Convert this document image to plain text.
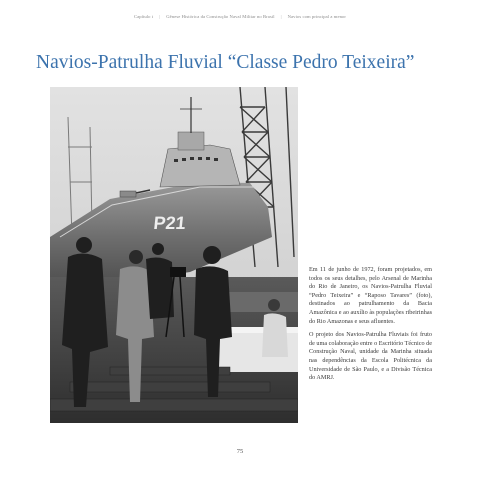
Capítulo i | Gênese Histórica da Construção Naval Militar no Brasil | Navios com principal a menor
Navios-Patrulha Fluvial “Classe Pedro Teixeira”
P21

Em 11 de junho de 1972, foram projetados, em todos os seus detalhes, pelo Arsenal de Marinha do Rio de Janeiro, os Navios-Patrulha Fluvial “Pedro Teixeira” e “Raposo Tavares” (foto), destinados ao patrulhamento da Bacia Amazônica e ao auxílio às populações ribeirinhas do Rio Amazonas e seus afluentes.

O projeto dos Navios-Patrulha Fluviais foi fruto de uma colaboração entre o Escritório Técnico de Construção Naval, unidade da Marinha situada nas dependências da Escola Politécnica da Universidade de São Paulo, e a Divisão Técnica do AMRJ.

75
